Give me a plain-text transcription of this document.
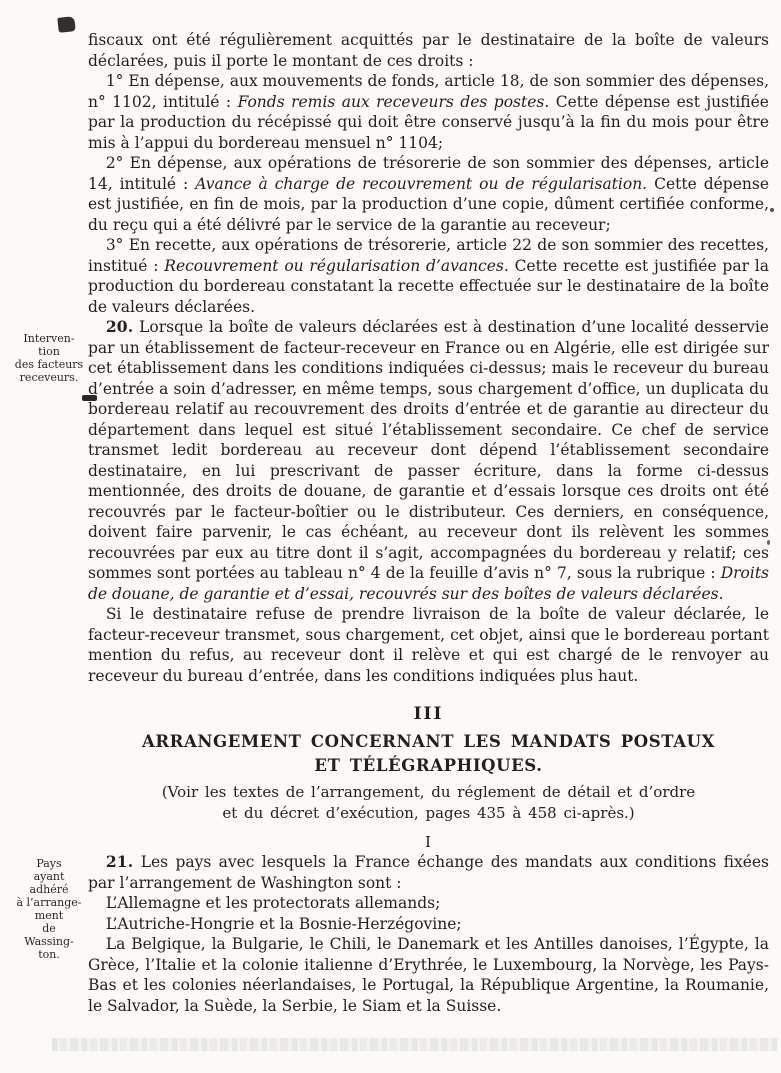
Interven-
tion
des facteurs
receveurs.
Pays
ayant
adhéré
à l’arrange-
ment
de
Wassing-
ton.

fiscaux ont été régulièrement acquittés par le destinataire de la boîte de valeurs déclarées, puis il porte le montant de ces droits :

1° En dépense, aux mouvements de fonds, article 18, de son sommier des dépenses, n° 1102, intitulé : Fonds remis aux receveurs des postes. Cette dépense est justifiée par la production du récépissé qui doit être conservé jusqu’à la fin du mois pour être mis à l’appui du bordereau mensuel n° 1104;

2° En dépense, aux opérations de trésorerie de son sommier des dépenses, article 14, intitulé : Avance à charge de recouvrement ou de régularisation. Cette dépense est justifiée, en fin de mois, par la production d’une copie, dûment certifiée conforme, du reçu qui a été délivré par le service de la garantie au receveur;

3° En recette, aux opérations de trésorerie, article 22 de son sommier des recettes, institué : Recouvrement ou régularisation d’avances. Cette recette est justifiée par la production du bordereau constatant la recette effectuée sur le destinataire de la boîte de valeurs déclarées.

20. Lorsque la boîte de valeurs déclarées est à destination d’une localité desservie par un établissement de facteur-receveur en France ou en Algérie, elle est dirigée sur cet établissement dans les conditions indiquées ci-dessus; mais le receveur du bureau d’entrée a soin d’adresser, en même temps, sous chargement d’office, un duplicata du bordereau relatif au recouvrement des droits d’entrée et de garantie au directeur du département dans lequel est situé l’établissement secondaire. Ce chef de service transmet ledit bordereau au receveur dont dépend l’établissement secondaire destinataire, en lui prescrivant de passer écriture, dans la forme ci-dessus mentionnée, des droits de douane, de garantie et d’essais lorsque ces droits ont été recouvrés par le facteur-boîtier ou le distributeur. Ces derniers, en conséquence, doivent faire parvenir, le cas échéant, au receveur dont ils relèvent les sommes recouvrées par eux au titre dont il s’agit, accompagnées du bordereau y relatif; ces sommes sont portées au tableau n° 4 de la feuille d’avis n° 7, sous la rubrique : Droits de douane, de garantie et d’essai, recouvrés sur des boîtes de valeurs déclarées.

Si le destinataire refuse de prendre livraison de la boîte de valeur déclarée, le facteur-receveur transmet, sous chargement, cet objet, ainsi que le bordereau portant mention du refus, au receveur dont il relève et qui est chargé de le renvoyer au receveur du bureau d’entrée, dans les conditions indiquées plus haut.

III
ARRANGEMENT CONCERNANT LES MANDATS POSTAUX
ET TÉLÉGRAPHIQUES.
(Voir les textes de l’arrangement, du réglement de détail et d’ordre
et du décret d’exécution, pages 435 à 458 ci-après.)
I

21. Les pays avec lesquels la France échange des mandats aux conditions fixées par l’arrangement de Washington sont :

L’Allemagne et les protectorats allemands;

L’Autriche-Hongrie et la Bosnie-Herzégovine;

La Belgique, la Bulgarie, le Chili, le Danemark et les Antilles danoises, l’Égypte, la Grèce, l’Italie et la colonie italienne d’Erythrée, le Luxembourg, la Norvège, les Pays-Bas et les colonies néerlandaises, le Portugal, la République Argentine, la Roumanie, le Salvador, la Suède, la Serbie, le Siam et la Suisse.
